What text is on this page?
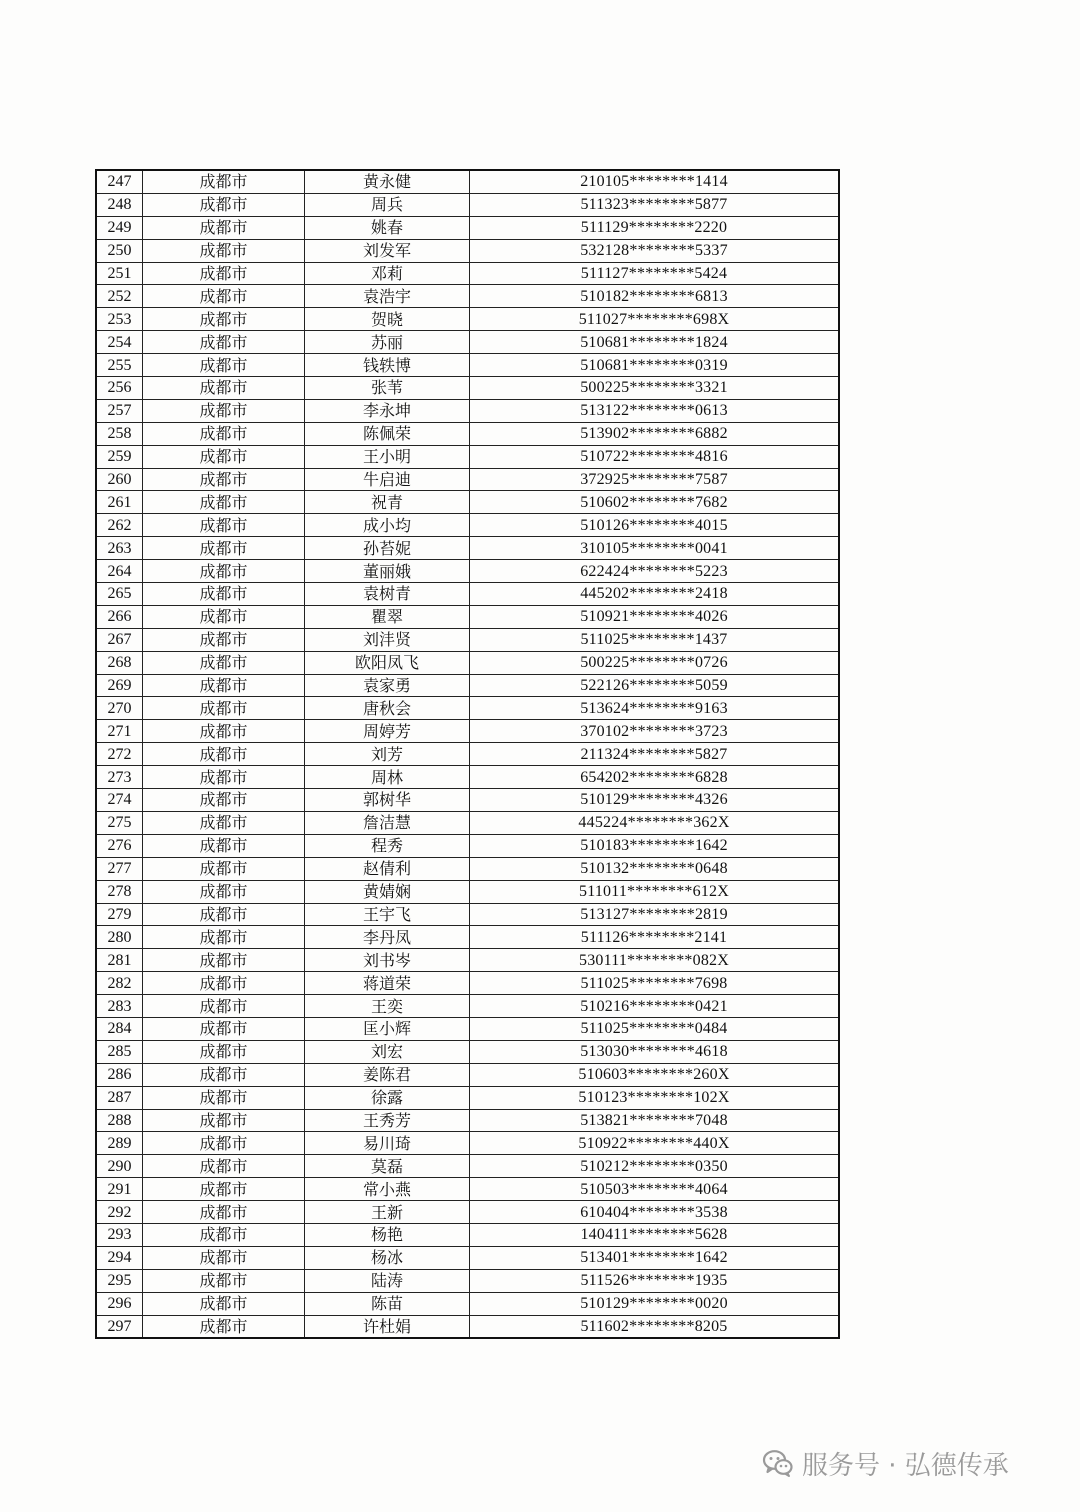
247	成都市	黄永健	210105********1414
248	成都市	周兵	511323********5877
249	成都市	姚春	511129********2220
250	成都市	刘发军	532128********5337
251	成都市	邓莉	511127********5424
252	成都市	袁浩宇	510182********6813
253	成都市	贺晓	511027********698X
254	成都市	苏丽	510681********1824
255	成都市	钱轶博	510681********0319
256	成都市	张苇	500225********3321
257	成都市	李永坤	513122********0613
258	成都市	陈佩荣	513902********6882
259	成都市	王小明	510722********4816
260	成都市	牛启迪	372925********7587
261	成都市	祝青	510602********7682
262	成都市	成小均	510126********4015
263	成都市	孙苔妮	310105********0041
264	成都市	董丽娥	622424********5223
265	成都市	袁树青	445202********2418
266	成都市	瞿翠	510921********4026
267	成都市	刘沣贤	511025********1437
268	成都市	欧阳凤飞	500225********0726
269	成都市	袁家勇	522126********5059
270	成都市	唐秋会	513624********9163
271	成都市	周婷芳	370102********3723
272	成都市	刘芳	211324********5827
273	成都市	周林	654202********6828
274	成都市	郭树华	510129********4326
275	成都市	詹洁慧	445224********362X
276	成都市	程秀	510183********1642
277	成都市	赵倩利	510132********0648
278	成都市	黄婧娴	511011********612X
279	成都市	王宇飞	513127********2819
280	成都市	李丹凤	511126********2141
281	成都市	刘书岑	530111********082X
282	成都市	蒋道荣	511025********7698
283	成都市	王奕	510216********0421
284	成都市	匡小辉	511025********0484
285	成都市	刘宏	513030********4618
286	成都市	姜陈君	510603********260X
287	成都市	徐露	510123********102X
288	成都市	王秀芳	513821********7048
289	成都市	易川琦	510922********440X
290	成都市	莫磊	510212********0350
291	成都市	常小燕	510503********4064
292	成都市	王新	610404********3538
293	成都市	杨艳	140411********5628
294	成都市	杨冰	513401********1642
295	成都市	陆涛	511526********1935
296	成都市	陈苗	510129********0020
297	成都市	许杜娟	511602********8205
服务号 · 弘德传承
